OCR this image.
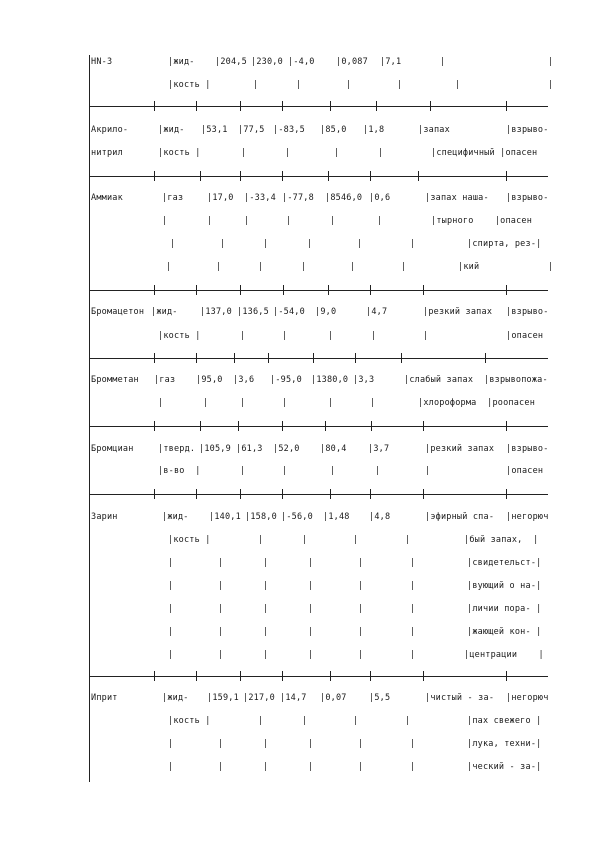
HN-3	|жид- |204,5 |230,0 |-4,0	|0,087 |7,1	|	|
|кость |	|	|	|	|	|	|
Акрило-	|жид- |53,1 |77,5 |-83,5 |85,0 |1,8	|запах	|взрыво-
нитрил	|кость |	|	|	|	|	|специфичный |опасен
Аммиак	|газ	|17,0 |-33,4 |-77,8 |8546,0 |0,6	|запах наша- |взрыво-
|	|	|	|	|	|	|тырного    |опасен
|	|	|	|	|	|	|спирта, рез-|
|	|	|	|	|	|	|кий	|
Бромацетон |жид-	|137,0 |136,5 |-54,0 |9,0	|4,7	|резкий запах |взрыво-
|кость |	|	|	|	|	|	|опасен
Бромметан |газ |95,0 |3,6 |-95,0 |1380,0 |3,3	|слабый запах |взрывопожа-
|	|	|	|	|	|	|хлороформа  |роопасен
Бромциан	|тверд. |105,9 |61,3 |52,0 |80,4	|3,7	|резкий запах |взрыво-
|в-во  |	|	|	|	|	|	|опасен
Зарин	|жид- |140,1 |158,0 |-56,0 |1,48 |4,8	|эфирный спа- |негорюч
|кость |	|	|	|	|	|бый запах,  |
|	|	|	|	|	|	|свидетельст-|
|	|	|	|	|	|	|вующий о на-|
|	|	|	|	|	|	|личии пора- |
|	|	|	|	|	|	|жающей кон- |
|	|	|	|	|	|	|центрации    |
Иприт	|жид- |159,1 |217,0 |14,7 |0,07	|5,5	|чистый - за- |негорюч
|кость |	|	|	|	|	|пах свежего |
|	|	|	|	|	|	|лука, техни-|
|	|	|	|	|	|	|ческий - за-|
